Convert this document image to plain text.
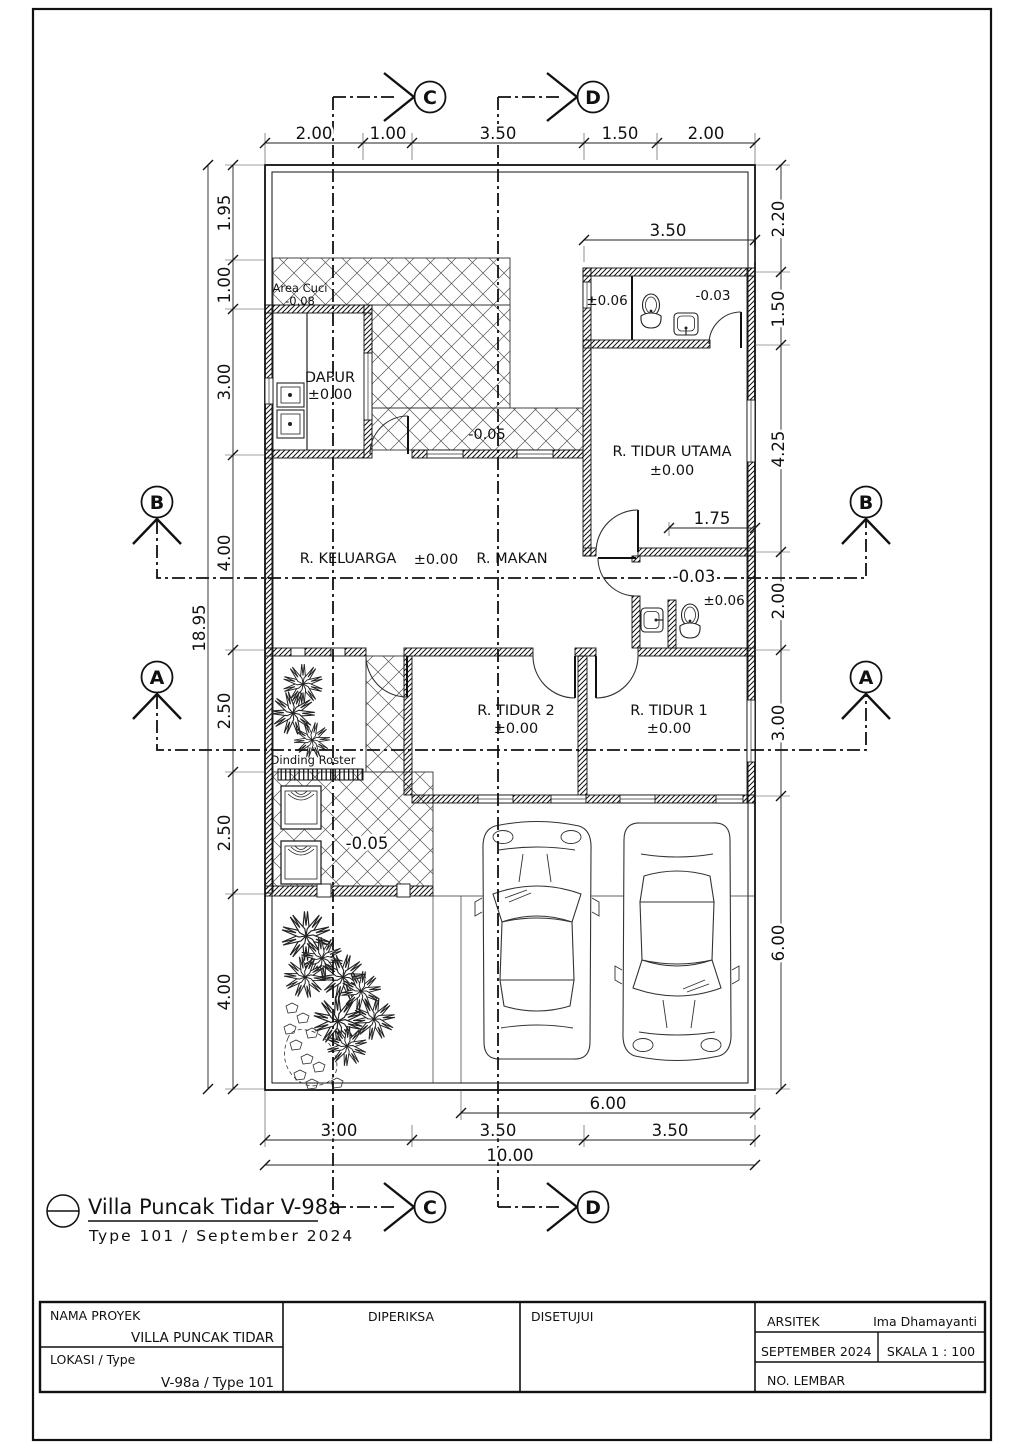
C	D
C	D
B	B
A	A
2.00 1.00	3.50	1.50	2.00
3.50
1.75
1.95
1.00
3.00
4.00
2.50
2.50
4.00
18.95
2.20
1.50
4.25
2.00
3.00
6.00
6.00
3.00	3.50	3.50
10.00
Area Cuci
-0.08
DAPUR
±0.00
-0.05
±0.06	-0.03
R. TIDUR UTAMA
±0.00
R. KELUARGA ±0.00 R. MAKAN
-0.03
±0.06
R. TIDUR 2
±0.00
R. TIDUR 1
±0.00
Dinding Roster
-0.05
Villa Puncak Tidar V-98a
Type 101 / September 2024
NAMA PROYEK
VILLA PUNCAK TIDAR
LOKASI / Type
V-98a / Type 101
DIPERIKSA	DISETUJUI	ARSITEK	Ima Dhamayanti
SEPTEMBER 2024 SKALA 1 : 100
NO. LEMBAR
